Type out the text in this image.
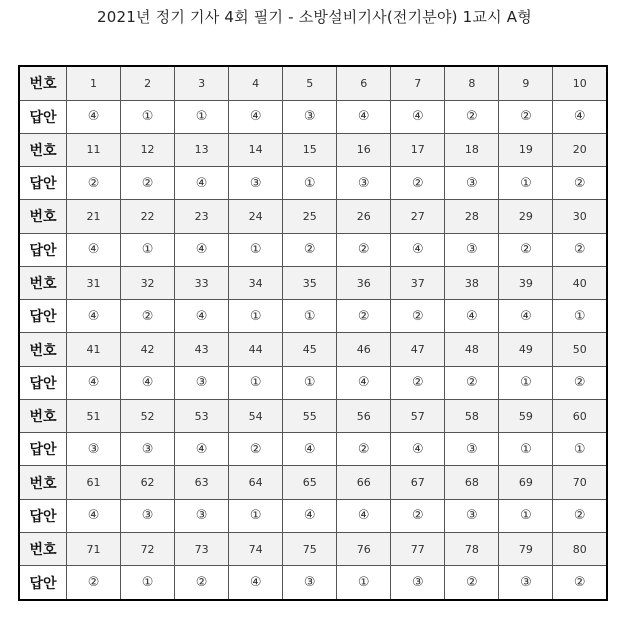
2021년 정기 기사 4회 필기 - 소방설비기사(전기분야) 1교시 A형
번호	1	2	3	4	5	6	7	8	9	10
답안	④	①	①	④	③	④	④	②	②	④
번호	11	12	13	14	15	16	17	18	19	20
답안	②	②	④	③	①	③	②	③	①	②
번호	21	22	23	24	25	26	27	28	29	30
답안	④	①	④	①	②	②	④	③	②	②
번호	31	32	33	34	35	36	37	38	39	40
답안	④	②	④	①	①	②	②	④	④	①
번호	41	42	43	44	45	46	47	48	49	50
답안	④	④	③	①	①	④	②	②	①	②
번호	51	52	53	54	55	56	57	58	59	60
답안	③	③	④	②	④	②	④	③	①	①
번호	61	62	63	64	65	66	67	68	69	70
답안	④	③	③	①	④	④	②	③	①	②
번호	71	72	73	74	75	76	77	78	79	80
답안	②	①	②	④	③	①	③	②	③	②
